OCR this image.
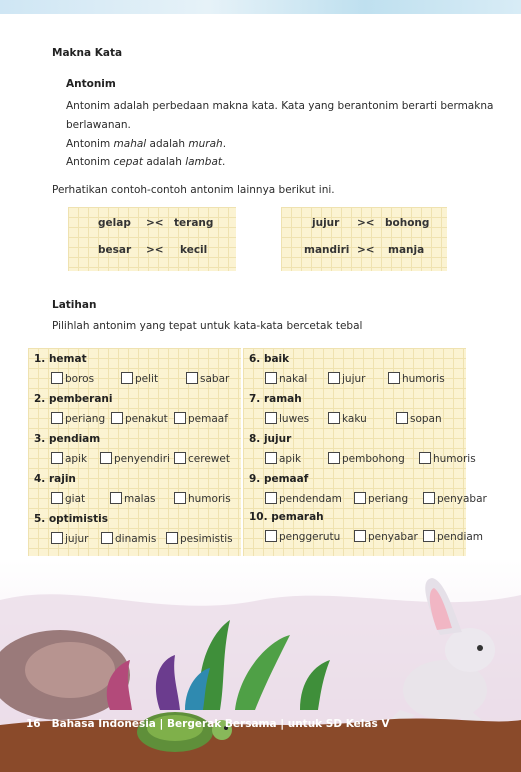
Makna Kata
Antonim
Antonim adalah perbedaan makna kata. Kata yang berantonim berarti bermakna
berlawanan.
Antonim mahal adalah murah.
Antonim cepat adalah lambat.
Perhatikan contoh-contoh antonim lainnya berikut ini.
gelap >< terang
besar >< kecil
jujur >< bohong
mandiri >< manja
Latihan
Pilihlah antonim yang tepat untuk kata-kata bercetak tebal
1. hemat
boros	pelit	sabar
2. pemberani
periang	penakut	pemaaf
3. pendiam
apik	penyendiri	cerewet
4. rajin
giat	malas	humoris
5. optimistis
jujur	dinamis	pesimistis
6. baik
nakal	jujur	humoris
7. ramah
luwes	kaku	sopan
8. jujur
apik	pembohong	humoris
9. pemaaf
pendendam	periang	penyabar
10. pemarah
penggerutu	penyabar	pendiam
16 Bahasa Indonesia | Bergerak Bersama | untuk SD Kelas V
